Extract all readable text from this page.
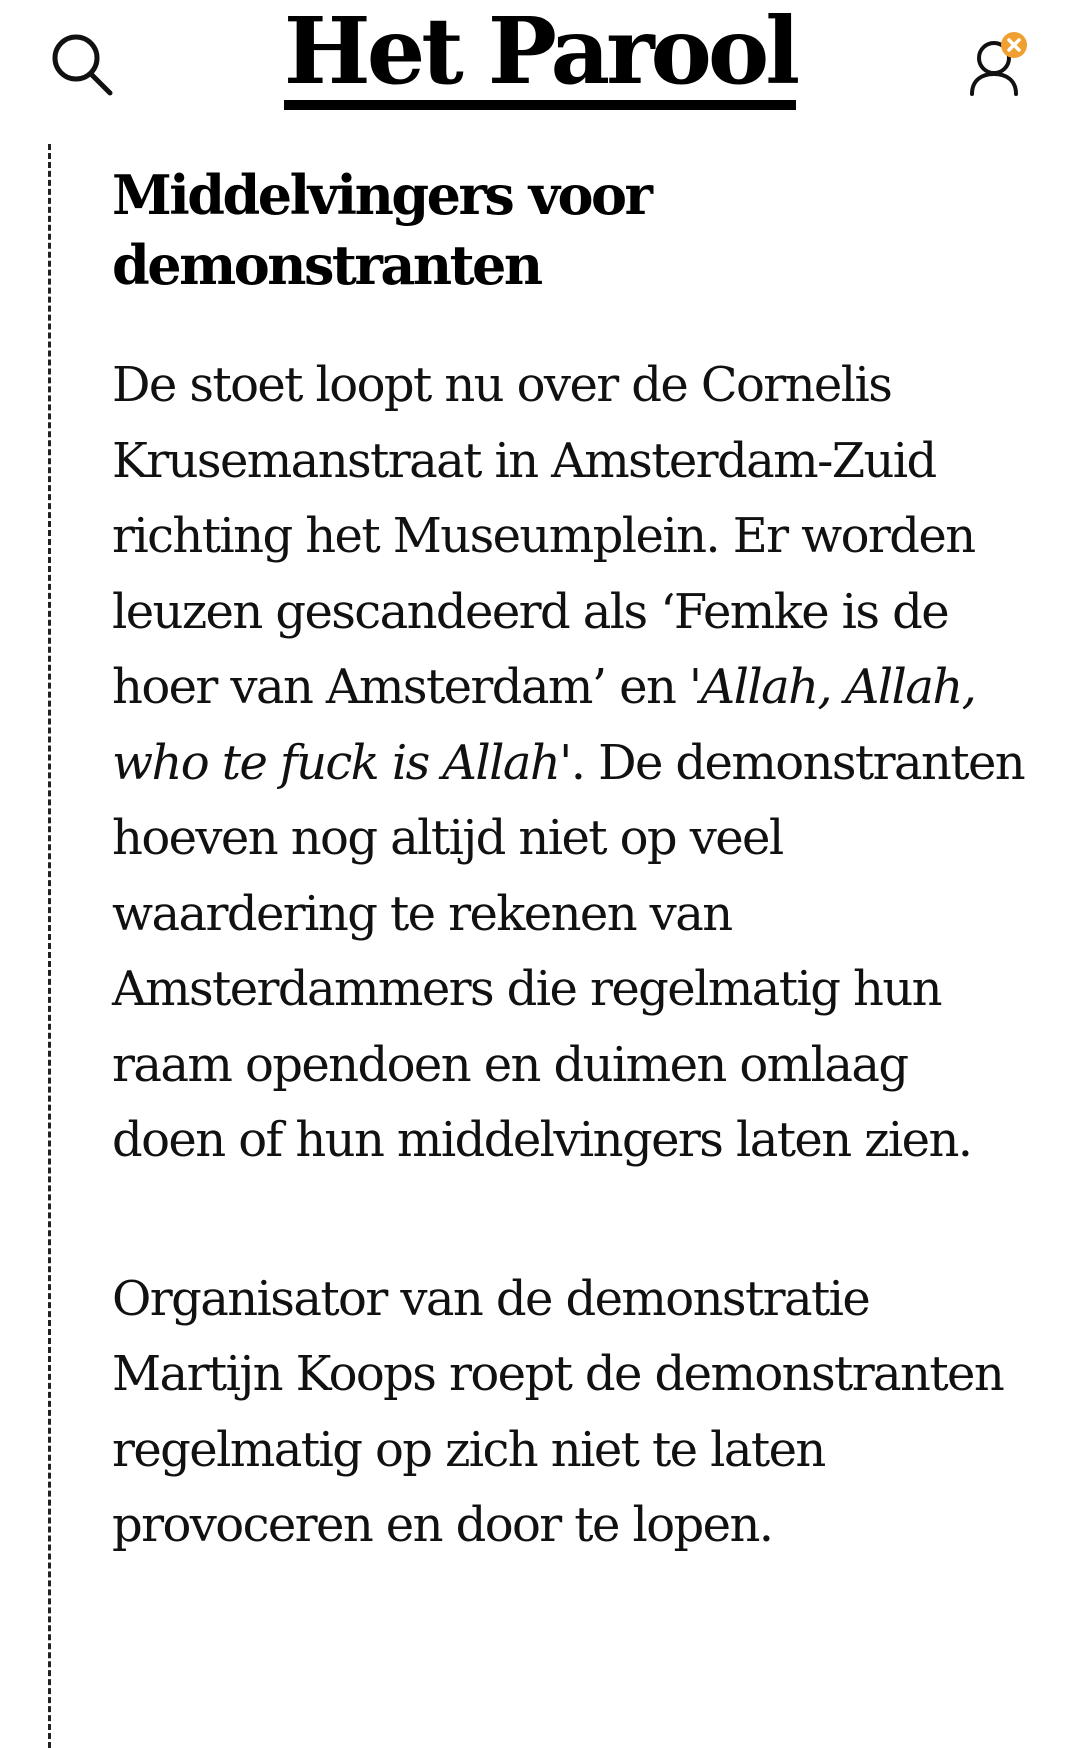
Het Parool
Middelvingers voor demonstranten

De stoet loopt nu over de Cornelis Krusemanstraat in Amsterdam-Zuid richting het Museumplein. Er worden leuzen gescandeerd als ‘Femke is de hoer van Amsterdam’ en 'Allah, Allah, who te fuck is Allah'. De demonstranten hoeven nog altijd niet op veel waardering te rekenen van Amsterdammers die regelmatig hun raam opendoen en duimen omlaag doen of hun middelvingers laten zien.

Organisator van de demonstratie Martijn Koops roept de demonstranten regelmatig op zich niet te laten provoceren en door te lopen.
